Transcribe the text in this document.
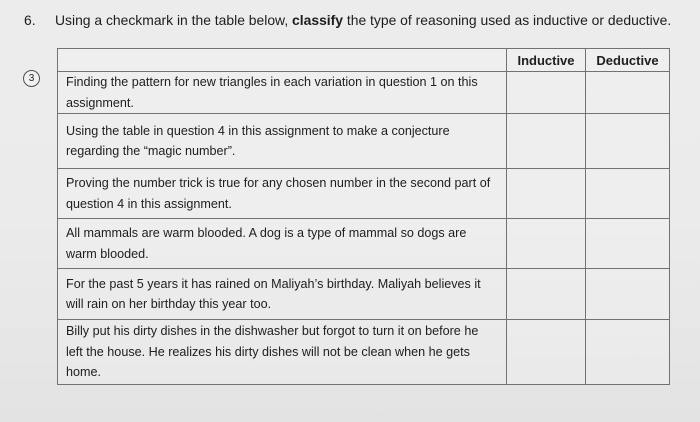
6. Using a checkmark in the table below, classify the type of reasoning used as inductive or deductive.
3
	Inductive	Deductive
Finding the pattern for new triangles in each variation in question 1 on this assignment.		
Using the table in question 4 in this assignment to make a conjecture regarding the “magic number”.		
Proving the number trick is true for any chosen number in the second part of question 4 in this assignment.		
All mammals are warm blooded. A dog is a type of mammal so dogs are warm blooded.		
For the past 5 years it has rained on Maliyah’s birthday. Maliyah believes it will rain on her birthday this year too.		
Billy put his dirty dishes in the dishwasher but forgot to turn it on before he left the house. He realizes his dirty dishes will not be clean when he gets home.		
